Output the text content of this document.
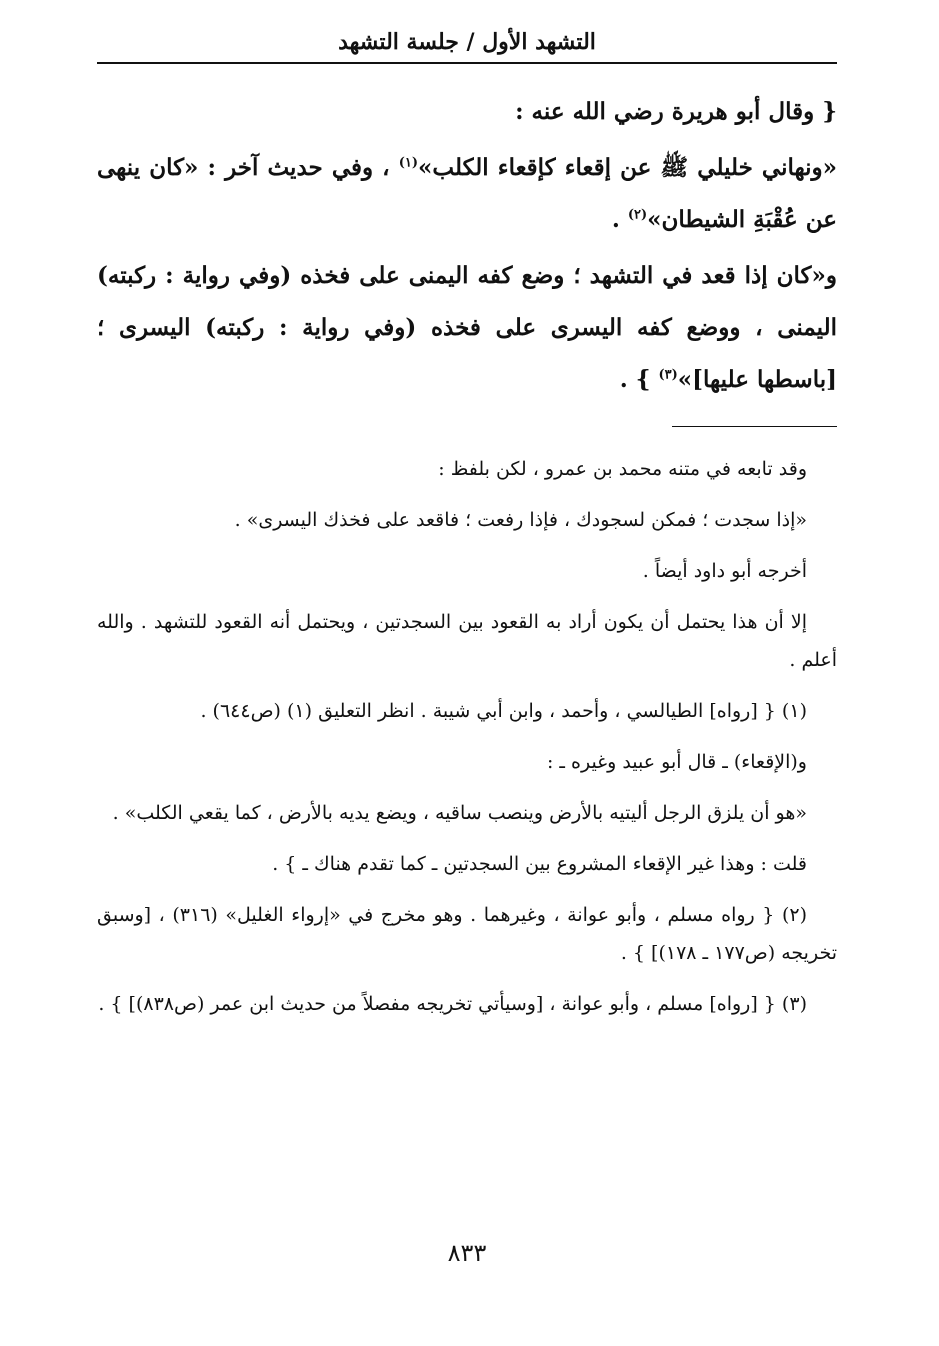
التشهد الأول / جلسة التشهد

{ وقال أبو هريرة رضي الله عنه :

«ونهاني خليلي ﷺ عن إقعاء كإقعاء الكلب»$^{(١)}$ ، وفي حديث آخر : «كان ينهى عن عُقْبَةِ الشيطان»$^{(٢)}$ .

و«كان إذا قعد في التشهد ؛ وضع كفه اليمنى على فخذه (وفي رواية : ركبته) اليمنى ، ووضع كفه اليسرى على فخذه (وفي رواية : ركبته) اليسرى ؛ [باسطها عليها]»$^{(٣)}$ } .

وقد تابعه في متنه محمد بن عمرو ، لكن بلفظ :

«إذا سجدت ؛ فمكن لسجودك ، فإذا رفعت ؛ فاقعد على فخذك اليسرى» .

أخرجه أبو داود أيضاً .

إلا أن هذا يحتمل أن يكون أراد به القعود بين السجدتين ، ويحتمل أنه القعود للتشهد . والله أعلم .

(١) { [رواه] الطيالسي ، وأحمد ، وابن أبي شيبة . انظر التعليق (١) (ص٦٤٤) .

و(الإقعاء) ـ قال أبو عبيد وغيره ـ :

«هو أن يلزق الرجل أليتيه بالأرض وينصب ساقيه ، ويضع يديه بالأرض ، كما يقعي الكلب» .

قلت : وهذا غير الإقعاء المشروع بين السجدتين ـ كما تقدم هناك ـ } .

(٢) { رواه مسلم ، وأبو عوانة ، وغيرهما . وهو مخرج في «إرواء الغليل» (٣١٦) ، [وسبق تخريجه (ص١٧٧ ـ ١٧٨)] } .

(٣) { [رواه] مسلم ، وأبو عوانة ، [وسيأتي تخريجه مفصلاً من حديث ابن عمر (ص٨٣٨)] } .

٨٣٣
